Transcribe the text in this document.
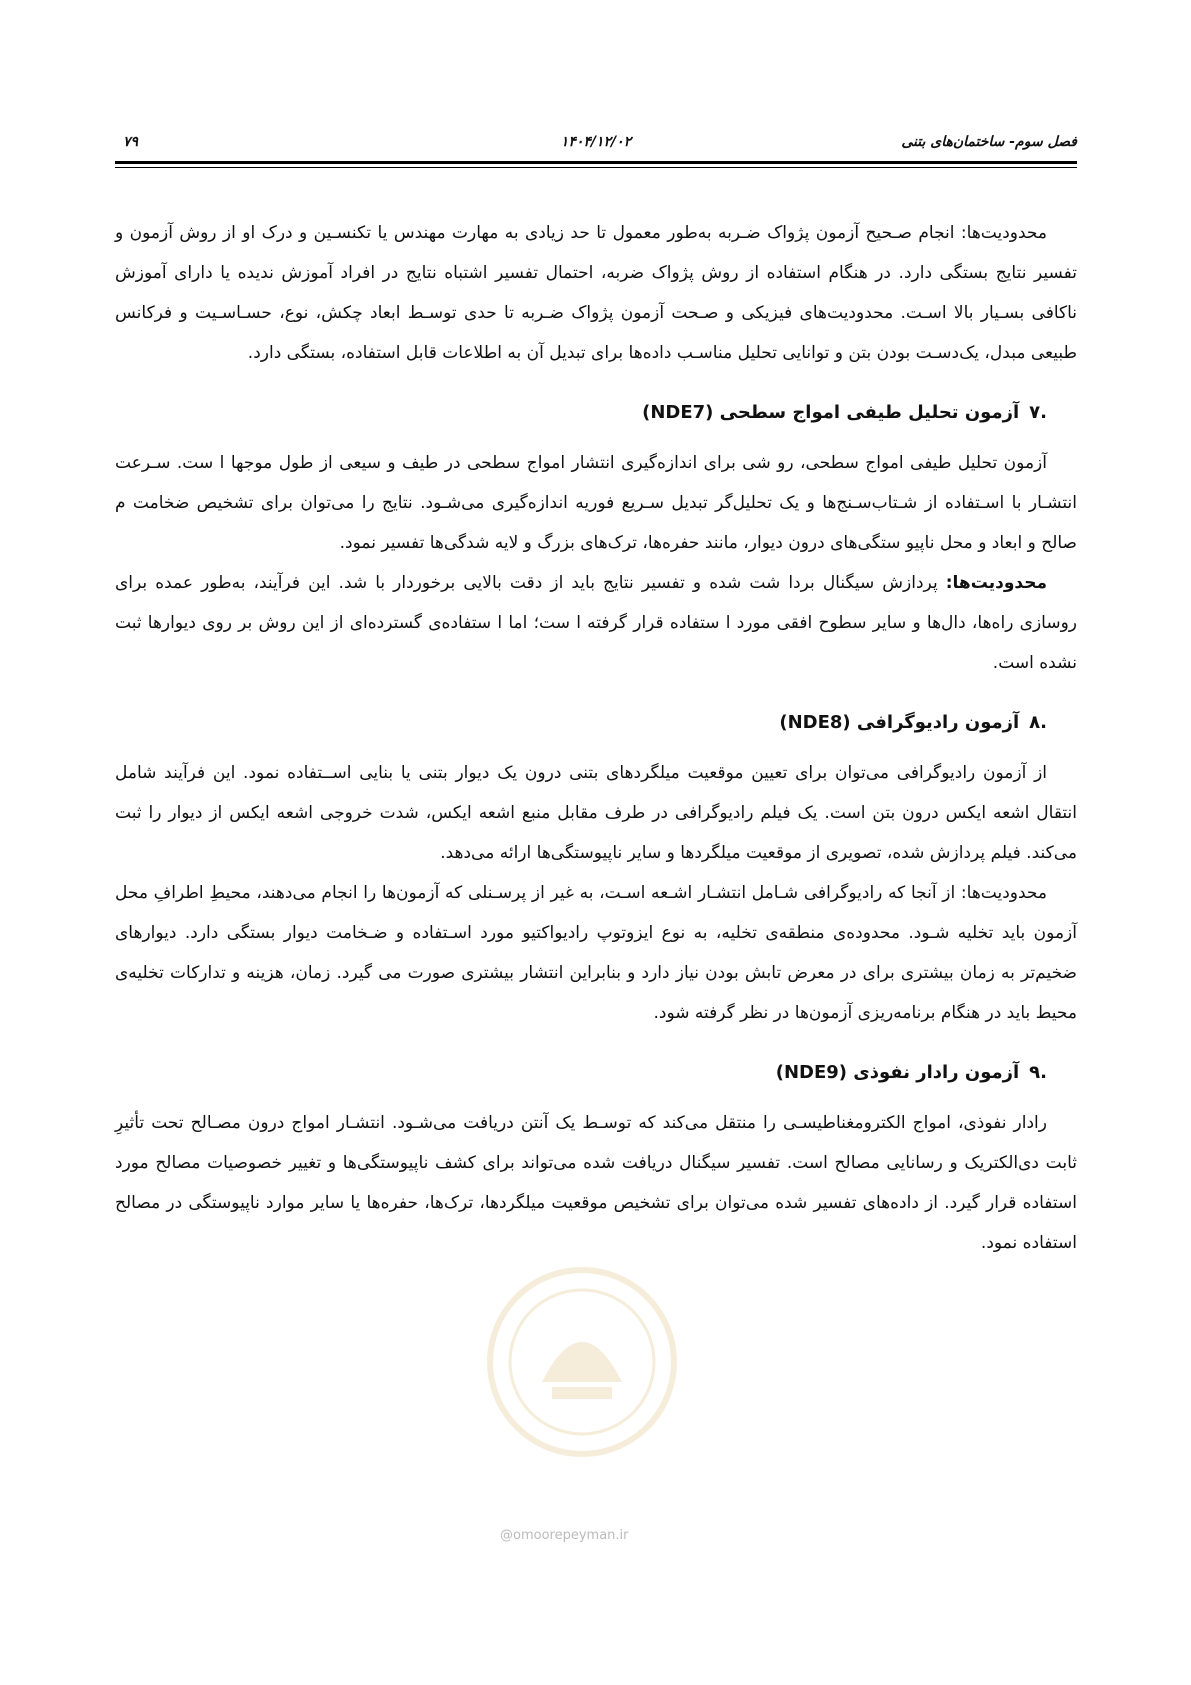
فصل سوم- ساختمان‌های بتنی
۱۴۰۴/۱۲/۰۲
۷۹

محدودیت‌ها: انجام صـحیح آزمون پژواک ضـربه به‌طور معمول تا حد زیادی به مهارت مهندس یا تکنسـین و درک او از روش آزمون و تفسیر نتایج بستگی دارد. در هنگام استفاده از روش پژواک ضربه، احتمال تفسیر اشتباه نتایج در افراد آموزش ندیده یا دارای آموزش ناکافی بسـیار بالا اسـت. محدودیت‌های فیزیکی و صـحت آزمون پژواک ضـربه تا حدی توسـط ابعاد چکش، نوع، حسـاسـیت و فرکانس طبیعی مبدل، یک‌دسـت بودن بتن و توانایی تحلیل مناسـب داده‌ها برای تبدیل آن به اطلاعات قابل استفاده، بستگی دارد.

.۷آزمون تحلیل طیفی امواج سطحی (NDE7)

آزمون تحلیل طیفی امواج سطحی، رو شی برای اندازه‌گیری انتشار امواج سطحی در طیف و سیعی از طول موجها ا ست. سـرعت انتشـار با اسـتفاده از شـتاب‌سـنج‌ها و یک تحلیل‌گر تبدیل سـریع فوریه اندازه‌گیری می‌شـود. نتایج را می‌توان برای تشخیص ضخامت م صالح و ابعاد و محل ناپیو ستگی‌های درون دیوار، مانند حفره‌ها، ترک‌های بزرگ و لایه شدگی‌ها تفسیر نمود.

محدودیت‌ها: پردازش سیگنال بردا شت شده و تفسیر نتایج باید از دقت بالایی برخوردار با شد. این فرآیند، به‌طور عمده برای روسازی راه‌ها، دال‌ها و سایر سطوح افقی مورد ا ستفاده قرار گرفته ا ست؛ اما ا ستفاده‌ی گسترده‌ای از این روش بر روی دیوارها ثبت نشده است.

.۸آزمون رادیوگرافی (NDE8)

از آزمون رادیوگرافی می‌توان برای تعیین موقعیت میلگردهای بتنی درون یک دیوار بتنی یا بنایی اســتفاده نمود. این فرآیند شامل انتقال اشعه ایکس درون بتن است. یک فیلم رادیوگرافی در طرف مقابل منبع اشعه ایکس، شدت خروجی اشعه ایکس از دیوار را ثبت می‌کند. فیلم پردازش شده، تصویری از موقعیت میلگردها و سایر ناپیوستگی‌ها ارائه می‌دهد.

محدودیت‌ها: از آنجا که رادیوگرافی شـامل انتشـار اشـعه اسـت، به غیر از پرسـنلی که آزمون‌ها را انجام می‌دهند، محیطِ اطرافِ محل آزمون باید تخلیه شـود. محدوده‌ی منطقه‌ی تخلیه، به نوع ایزوتوپ رادیواکتیو مورد اسـتفاده و ضـخامت دیوار بستگی دارد. دیوارهای ضخیم‌تر به زمان بیشتری برای در معرض تابش بودن نیاز دارد و بنابراین انتشار بیشتری صورت می گیرد. زمان، هزینه و تدارکات تخلیه‌ی محیط باید در هنگام برنامه‌ریزی آزمون‌ها در نظر گرفته شود.

.۹آزمون رادار نفوذی (NDE9)

رادار نفوذی، امواج الکترومغناطیسـی را منتقل می‌کند که توسـط یک آنتن دریافت می‌شـود. انتشـار امواج درون مصـالح تحت تأثیرِ ثابت دی‌الکتریک و رسانایی مصالح است. تفسیر سیگنال دریافت شده می‌تواند برای کشف ناپیوستگی‌ها و تغییر خصوصیات مصالح مورد استفاده قرار گیرد. از داده‌های تفسیر شده می‌توان برای تشخیص موقعیت میلگردها، ترک‌ها، حفره‌ها یا سایر موارد ناپیوستگی در مصالح استفاده نمود.

@omoorepeyman.ir
